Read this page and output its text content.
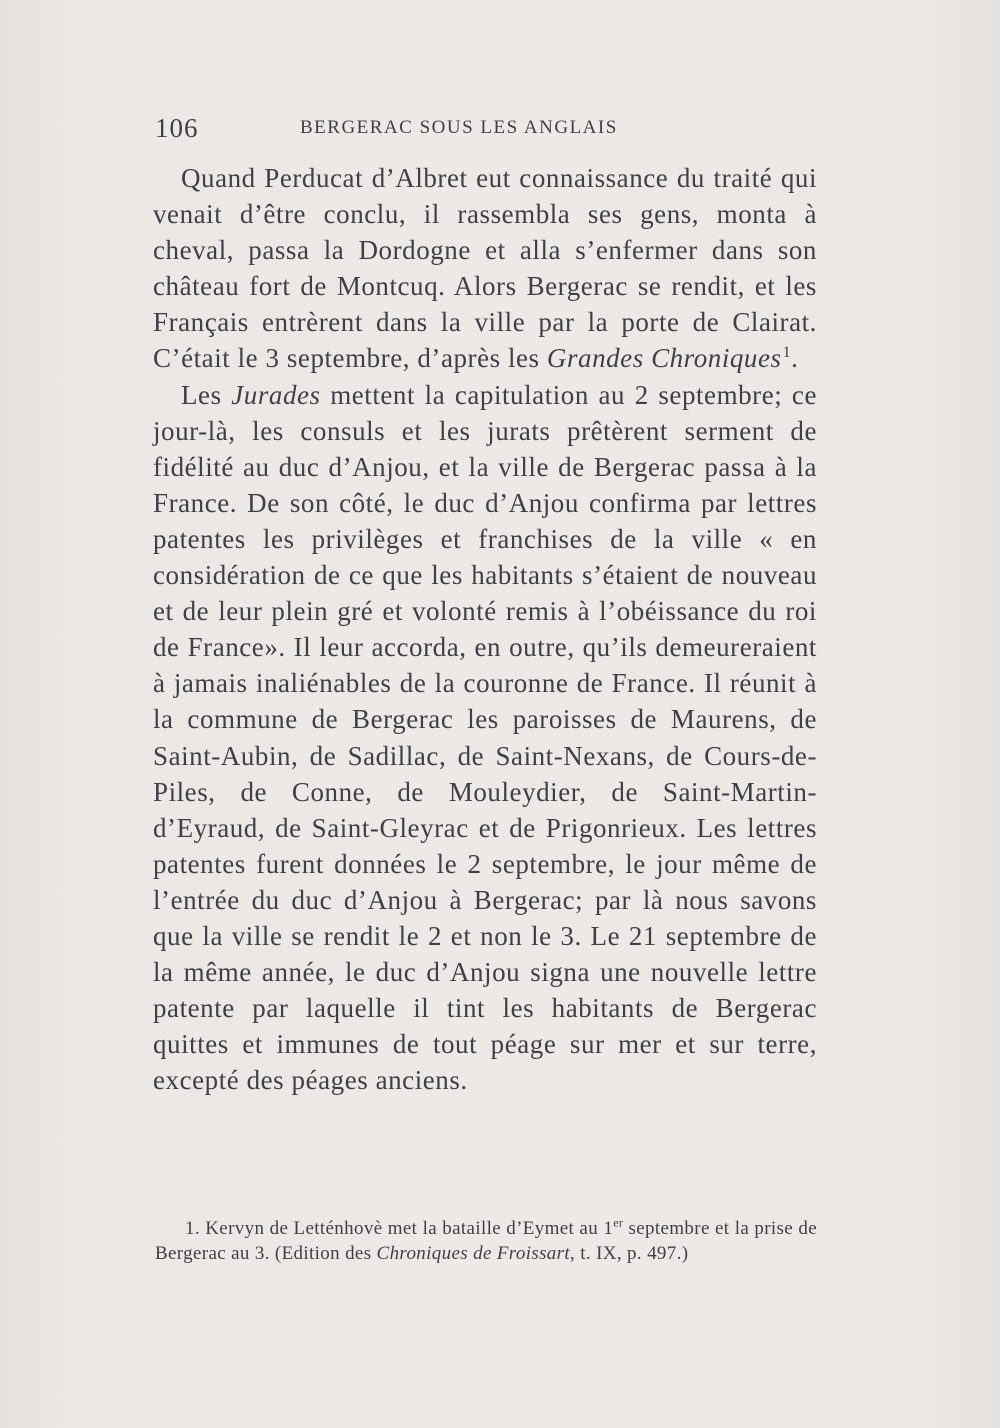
106	BERGERAC SOUS LES ANGLAIS

Quand Perducat d’Albret eut connaissance du traité qui venait d’être conclu, il rassembla ses gens, monta à cheval, passa la Dordogne et alla s’enfermer dans son château fort de Montcuq. Alors Bergerac se rendit, et les Français entrèrent dans la ville par la porte de Clairat. C’était le 3 septembre, d’après les Grandes Chroniques$^1$.

Les Jurades mettent la capitulation au 2 septembre; ce jour-là, les consuls et les jurats prêtèrent serment de fidélité au duc d’Anjou, et la ville de Bergerac passa à la France. De son côté, le duc d’Anjou confirma par lettres patentes les privilèges et franchises de la ville « en considération de ce que les habitants s’étaient de nouveau et de leur plein gré et volonté remis à l’obéissance du roi de France». Il leur accorda, en outre, qu’ils demeureraient à jamais inaliénables de la couronne de France. Il réunit à la commune de Bergerac les paroisses de Maurens, de Saint-Aubin, de Sadillac, de Saint-Nexans, de Cours-de-Piles, de Conne, de Mouleydier, de Saint-Martin-d’Eyraud, de Saint-Gleyrac et de Prigonrieux. Les lettres patentes furent données le 2 septembre, le jour même de l’entrée du duc d’Anjou à Bergerac; par là nous savons que la ville se rendit le 2 et non le 3. Le 21 septembre de la même année, le duc d’Anjou signa une nouvelle lettre patente par laquelle il tint les habitants de Bergerac quittes et immunes de tout péage sur mer et sur terre, excepté des péages anciens.

1. Kervyn de Letténhovè met la bataille d’Eymet au 1er septembre et la prise de Bergerac au 3. (Edition des Chroniques de Froissart, t. IX, p. 497.)
